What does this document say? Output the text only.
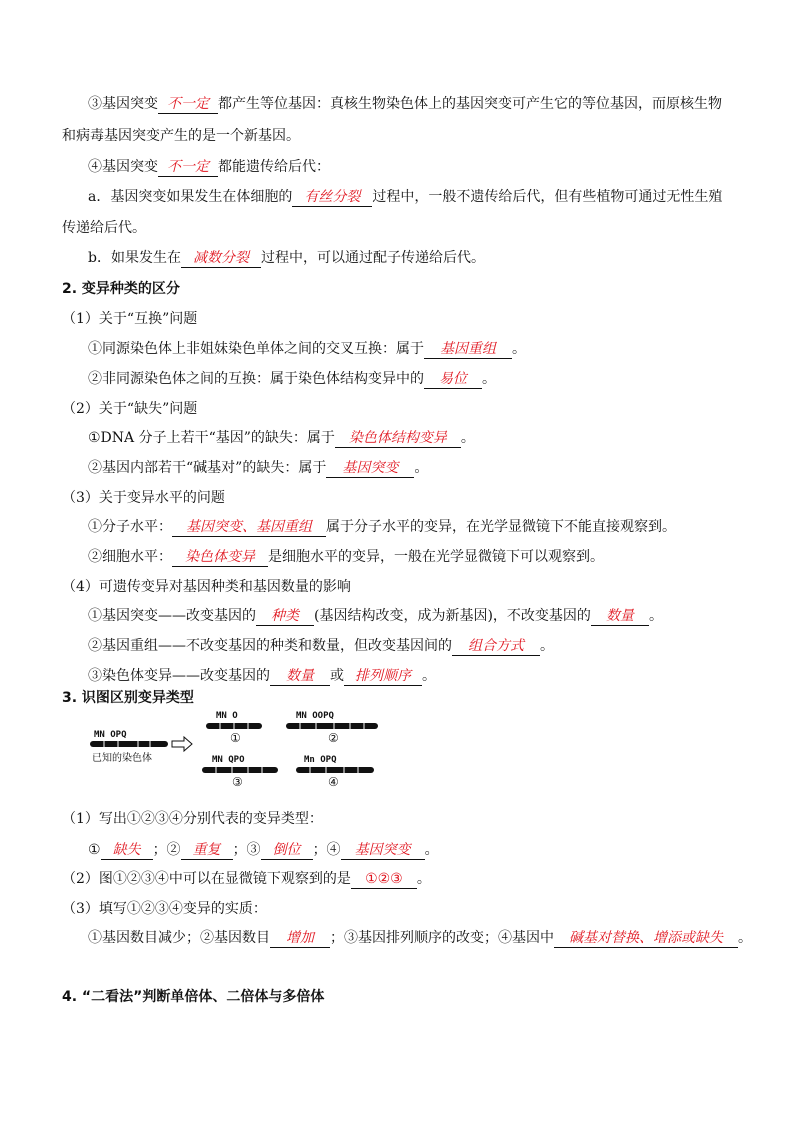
③基因突变 不一定 都产生等位基因：真核生物染色体上的基因突变可产生它的等位基因，而原核生物
和病毒基因突变产生的是一个新基因。
④基因突变 不一定 都能遗传给后代：
a．基因突变如果发生在体细胞的 有丝分裂 过程中，一般不遗传给后代，但有些植物可通过无性生殖
传递给后代。
b．如果发生在 减数分裂 过程中，可以通过配子传递给后代。
2. 变异种类的区分
（1）关于“互换”问题
①同源染色体上非姐妹染色单体之间的交叉互换：属于 基因重组 。
②非同源染色体之间的互换：属于染色体结构变异中的 易位 。
（2）关于“缺失”问题
①DNA 分子上若干“基因”的缺失：属于 染色体结构变异 。
②基因内部若干“碱基对”的缺失：属于 基因突变 。
（3）关于变异水平的问题
①分子水平： 基因突变、基因重组 属于分子水平的变异，在光学显微镜下不能直接观察到。
②细胞水平： 染色体变异 是细胞水平的变异，一般在光学显微镜下可以观察到。
（4）可遗传变异对基因种类和基因数量的影响
①基因突变——改变基因的 种类 (基因结构改变，成为新基因)，不改变基因的 数量 。
②基因重组——不改变基因的种类和数量，但改变基因间的 组合方式 。
③染色体变异——改变基因的 数量 或 排列顺序 。
3. 识图区别变异类型
MN OPQ
已知的染色体
MN O
①
MN OOPQ
②
MN QPO
③
Mn OPQ
④
（1）写出①②③④分别代表的变异类型：
① 缺失 ；② 重复 ；③ 倒位 ；④ 基因突变 。
（2）图①②③④中可以在显微镜下观察到的是 ①②③ 。
（3）填写①②③④变异的实质：
①基因数目减少；②基因数目 增加 ；③基因排列顺序的改变；④基因中 碱基对替换、增添或缺失 。
4. “二看法”判断单倍体、二倍体与多倍体
